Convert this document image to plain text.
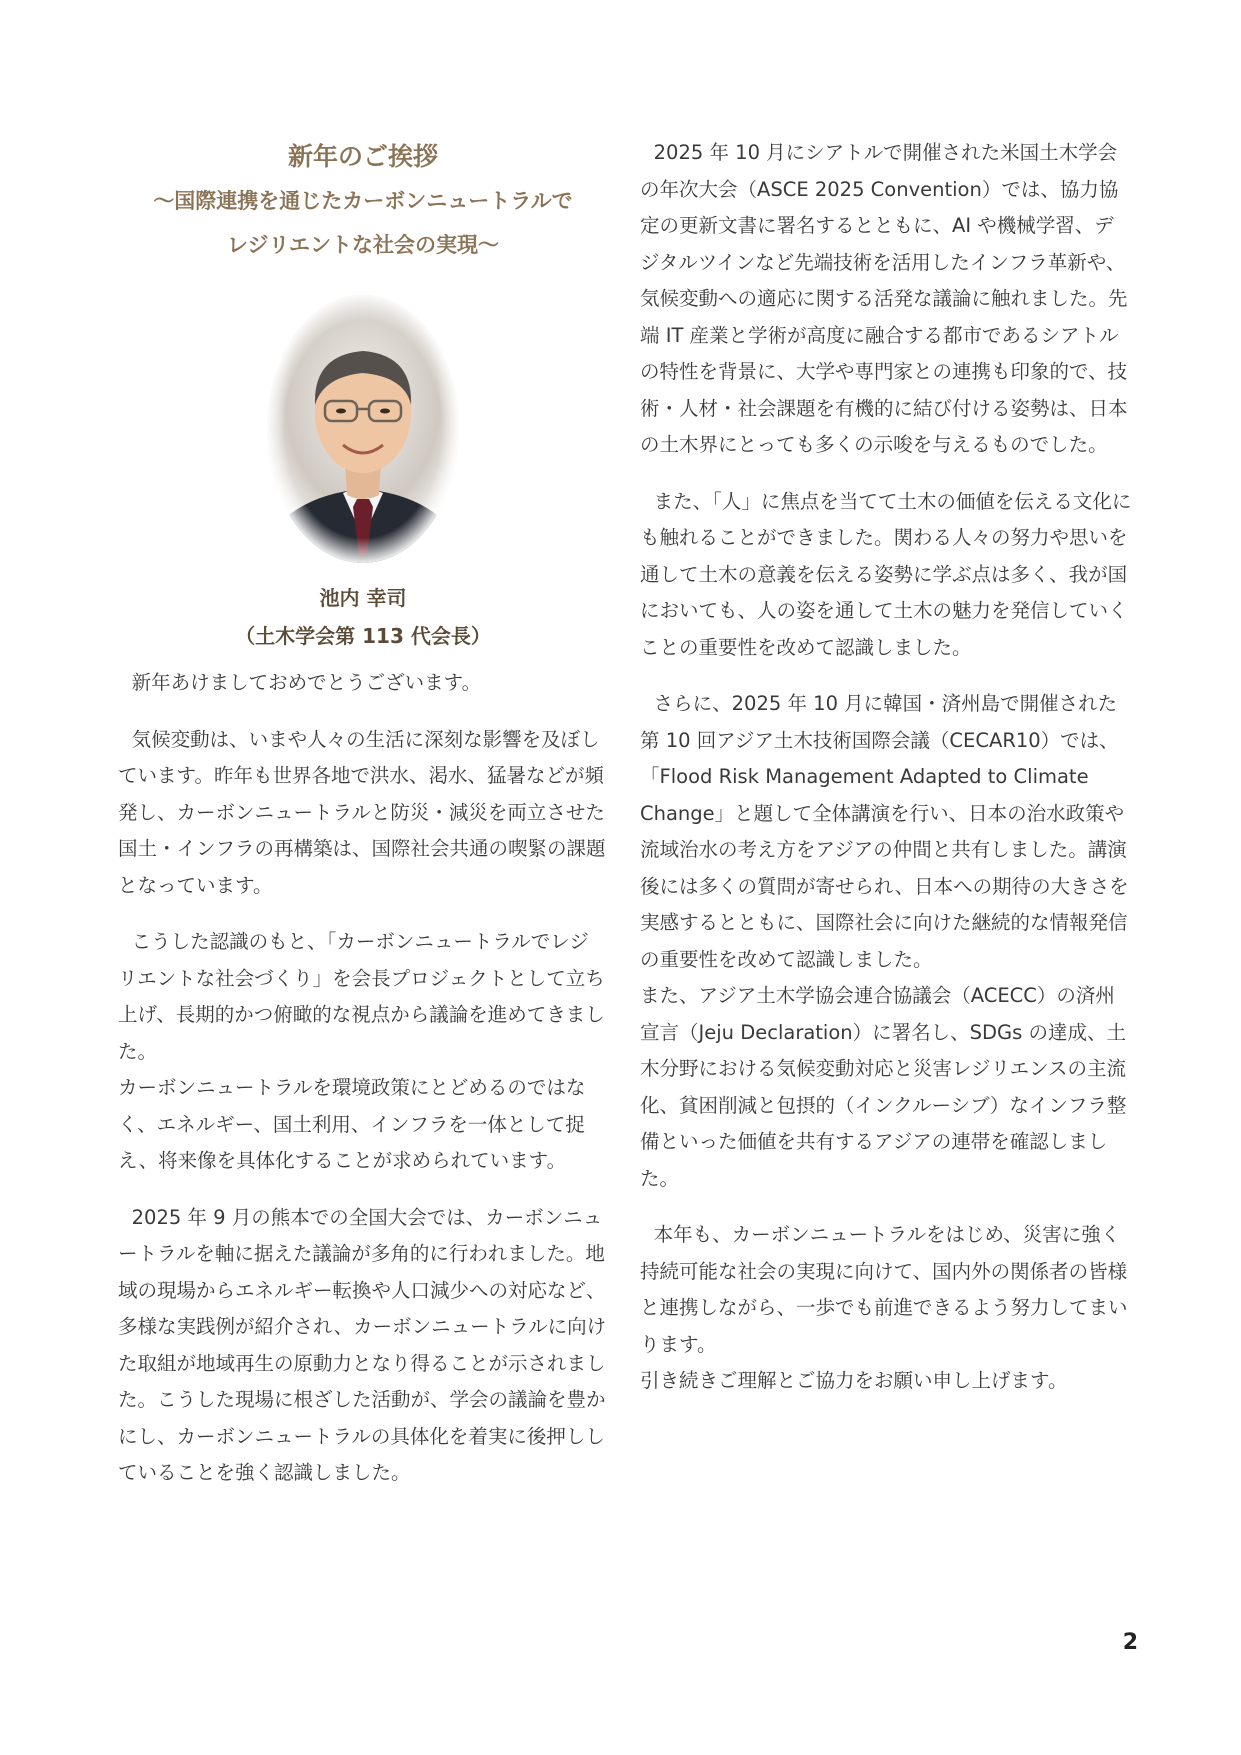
新年のご挨拶

～国際連携を通じたカーボンニュートラルで

レジリエントな社会の実現～

池内 幸司
（土木学会第 113 代会長）

新年あけましておめでとうございます。

気候変動は、いまや人々の生活に深刻な影響を及ぼしています。昨年も世界各地で洪水、渇水、猛暑などが頻発し、カーボンニュートラルと防災・減災を両立させた国土・インフラの再構築は、国際社会共通の喫緊の課題となっています。

こうした認識のもと、「カーボンニュートラルでレジリエントな社会づくり」を会長プロジェクトとして立ち上げ、長期的かつ俯瞰的な視点から議論を進めてきました。

カーボンニュートラルを環境政策にとどめるのではなく、エネルギー、国土利用、インフラを一体として捉え、将来像を具体化することが求められています。

2025 年 9 月の熊本での全国大会では、カーボンニュートラルを軸に据えた議論が多角的に行われました。地域の現場からエネルギー転換や人口減少への対応など、多様な実践例が紹介され、カーボンニュートラルに向けた取組が地域再生の原動力となり得ることが示されました。こうした現場に根ざした活動が、学会の議論を豊かにし、カーボンニュートラルの具体化を着実に後押ししていることを強く認識しました。

2025 年 10 月にシアトルで開催された米国土木学会の年次大会（ASCE 2025 Convention）では、協力協定の更新文書に署名するとともに、AI や機械学習、デジタルツインなど先端技術を活用したインフラ革新や、気候変動への適応に関する活発な議論に触れました。先端 IT 産業と学術が高度に融合する都市であるシアトルの特性を背景に、大学や専門家との連携も印象的で、技術・人材・社会課題を有機的に結び付ける姿勢は、日本の土木界にとっても多くの示唆を与えるものでした。

また、「人」に焦点を当てて土木の価値を伝える文化にも触れることができました。関わる人々の努力や思いを通して土木の意義を伝える姿勢に学ぶ点は多く、我が国においても、人の姿を通して土木の魅力を発信していくことの重要性を改めて認識しました。

さらに、2025 年 10 月に韓国・済州島で開催された第 10 回アジア土木技術国際会議（CECAR10）では、「Flood Risk Management Adapted to Climate Change」と題して全体講演を行い、日本の治水政策や流域治水の考え方をアジアの仲間と共有しました。講演後には多くの質問が寄せられ、日本への期待の大きさを実感するとともに、国際社会に向けた継続的な情報発信の重要性を改めて認識しました。

また、アジア土木学協会連合協議会（ACECC）の済州宣言（Jeju Declaration）に署名し、SDGs の達成、土木分野における気候変動対応と災害レジリエンスの主流化、貧困削減と包摂的（インクルーシブ）なインフラ整備といった価値を共有するアジアの連帯を確認しました。

本年も、カーボンニュートラルをはじめ、災害に強く持続可能な社会の実現に向けて、国内外の関係者の皆様と連携しながら、一歩でも前進できるよう努力してまいります。

引き続きご理解とご協力をお願い申し上げます。

2
